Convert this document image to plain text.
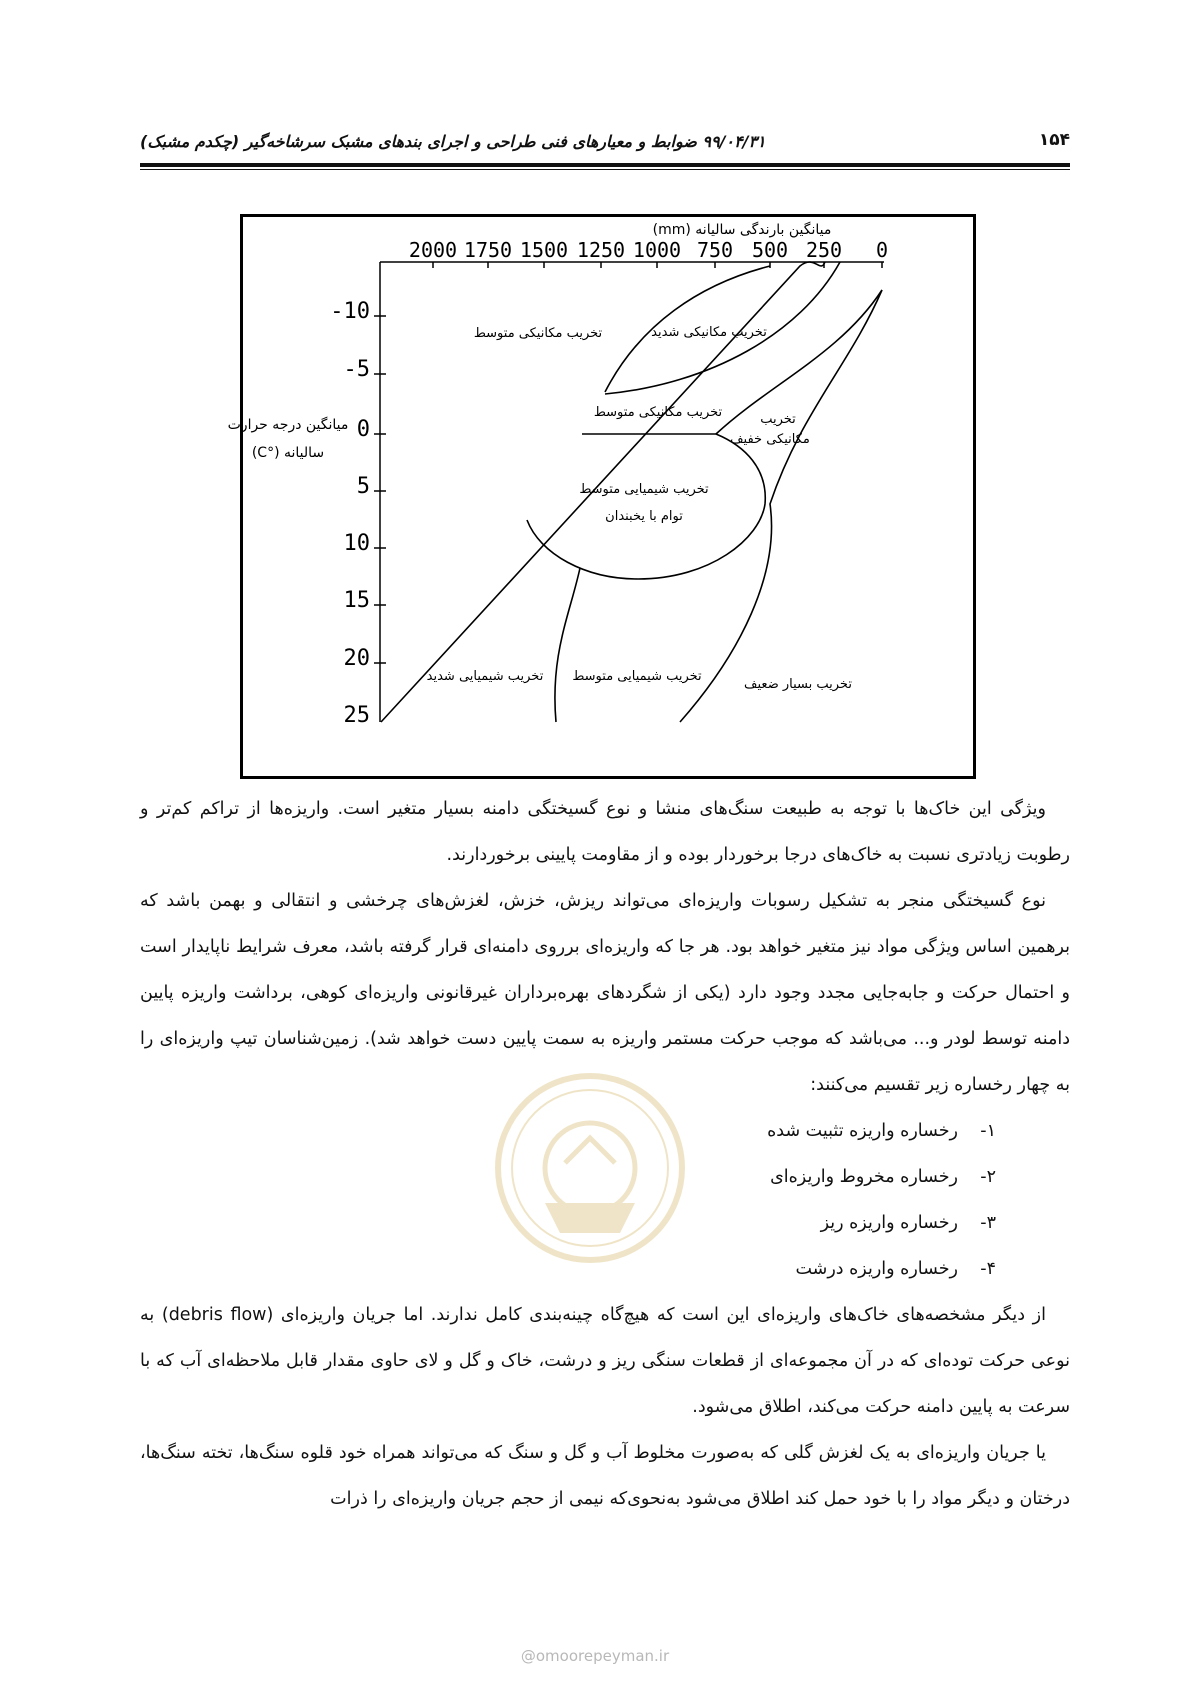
۱۵۴
۹۹/۰۴/۳۱ ضوابط و معیارهای فنی طراحی و اجرای بندهای مشبک سرشاخه‌گیر (چکدم مشبک)
میانگین بارندگی سالیانه (mm)
2000 1750 1500 1250 1000 750 500 250 0
-10
-5
0
5
10
15
20
25
میانگین درجه حرارت
سالیانه (°C)
تخریب مکانیکی متوسط	تخریب مکانیکی شدید
تخریب مکانیکی متوسط	تخریب
مکانیکی خفیف
تخریب شیمیایی متوسط
توام با یخبندان
تخریب شیمیایی شدید تخریب شیمیایی متوسط
تخریب بسیار ضعیف

ویژگی این خاک‌ها با توجه به طبیعت سنگ‌های منشا و نوع گسیختگی دامنه بسیار متغیر است. واریزه‌ها از تراکم کم‌تر و رطوبت زیادتری نسبت به خاک‌های درجا برخوردار بوده و از مقاومت پایینی برخوردارند.

نوع گسیختگی منجر به تشکیل رسوبات واریزه‌ای می‌تواند ریزش، خزش، لغزش‌های چرخشی و انتقالی و بهمن باشد که برهمین اساس ویژگی مواد نیز متغیر خواهد بود. هر جا که واریزه‌ای برروی دامنه‌ای قرار گرفته باشد، معرف شرایط ناپایدار است و احتمال حرکت و جابه‌جایی مجدد وجود دارد (یکی از شگردهای بهره‌برداران غیرقانونی واریزه‌ای کوهی، برداشت واریزه پایین دامنه توسط لودر و... می‌باشد که موجب حرکت مستمر واریزه به سمت پایین دست خواهد شد). زمین‌شناسان تیپ واریزه‌ای را به چهار رخساره زیر تقسیم می‌کنند:

۱-رخساره واریزه تثبیت شده
۲-رخساره مخروط واریزه‌ای
۳-رخساره واریزه ریز
۴-رخساره واریزه درشت

از دیگر مشخصه‌های خاک‌های واریزه‌ای این است که هیچ‌گاه چینه‌بندی کامل ندارند. اما جریان واریزه‌ای (debris flow) به نوعی حرکت توده‌ای که در آن مجموعه‌ای از قطعات سنگی ریز و درشت، خاک و گل و لای حاوی مقدار قابل ملاحظه‌ای آب که با سرعت به پایین دامنه حرکت می‌کند، اطلاق می‌شود.

یا جریان واریزه‌ای به یک لغزش گلی که به‌صورت مخلوط آب و گل و سنگ که می‌تواند همراه خود قلوه سنگ‌ها، تخته سنگ‌ها، درختان و دیگر مواد را با خود حمل کند اطلاق می‌شود به‌نحوی‌که نیمی از حجم جریان واریزه‌ای را ذرات

@omoorepeyman.ir
